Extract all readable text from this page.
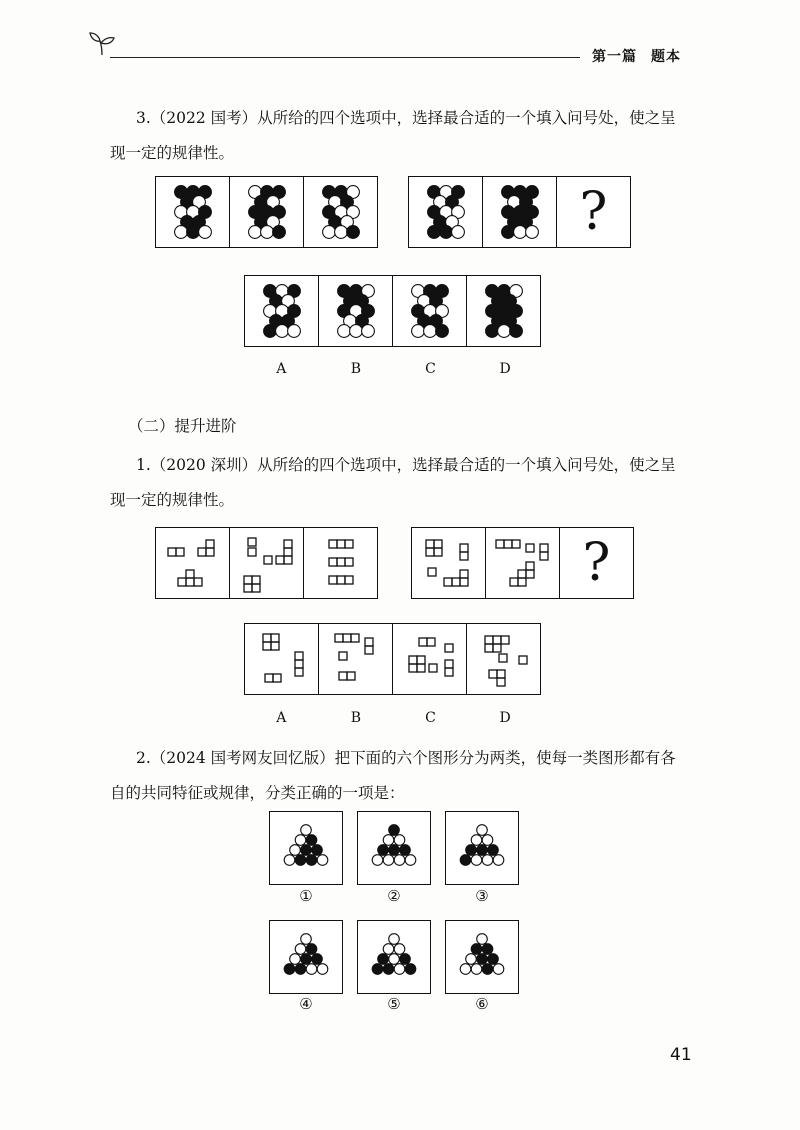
第一篇 题本
3.（2022 国考）从所给的四个选项中，选择最合适的一个填入问号处，使之呈
现一定的规律性。
?
A	B	C	D
（二）提升进阶
1.（2020 深圳）从所给的四个选项中，选择最合适的一个填入问号处，使之呈
现一定的规律性。
?
A	B	C	D
2.（2024 国考网友回忆版）把下面的六个图形分为两类，使每一类图形都有各
自的共同特征或规律，分类正确的一项是：
①	②	③
④	⑤	⑥
41
